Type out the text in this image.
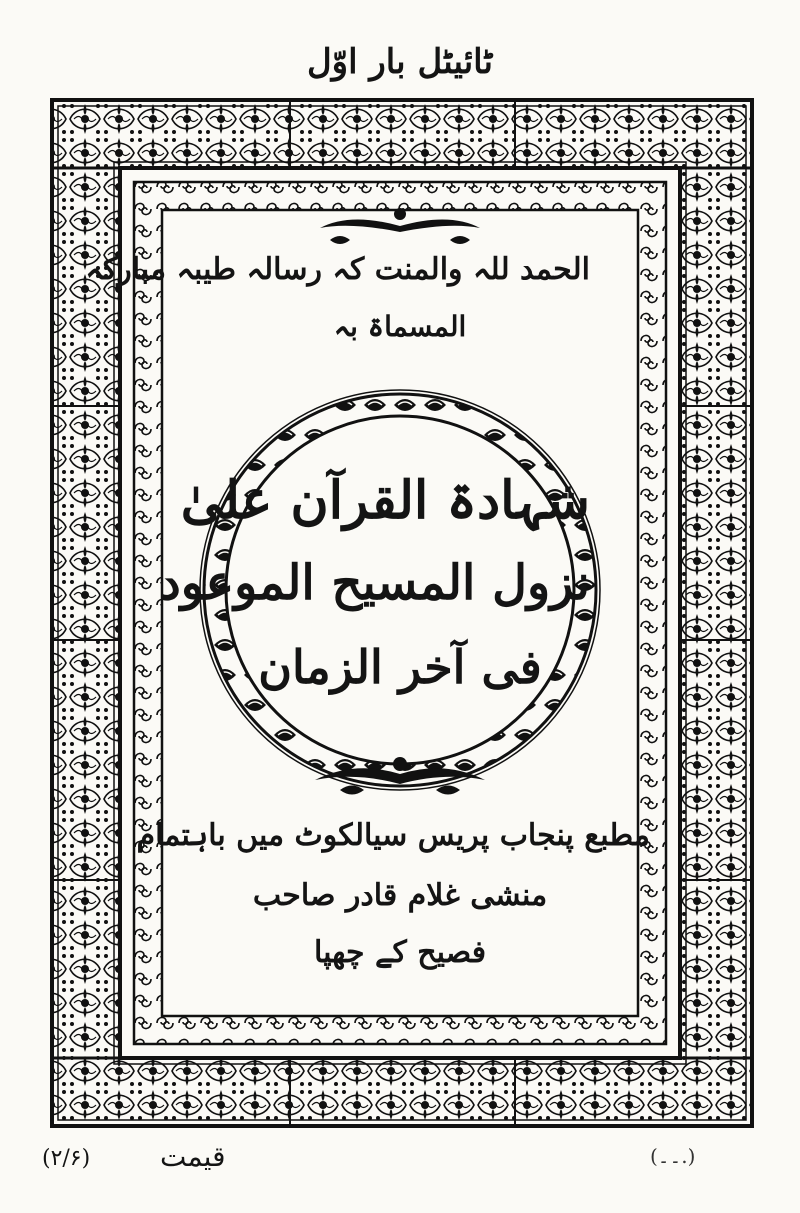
ٹائیٹل بار اوّل
الحمد للہ والمنت کہ رسالہ طیبہ مبارکہ
المسماۃ بہ
شہادۃ القرآن علیٰ
نزول المسیح الموعود
فی آخر الزمان
مطبع پنجاب پریس سیالکوٹ میں باہتمام
منشی غلام قادر صاحب
فصیح کے چھپا
قیمت
(۲/۶)	(.۔۔)
